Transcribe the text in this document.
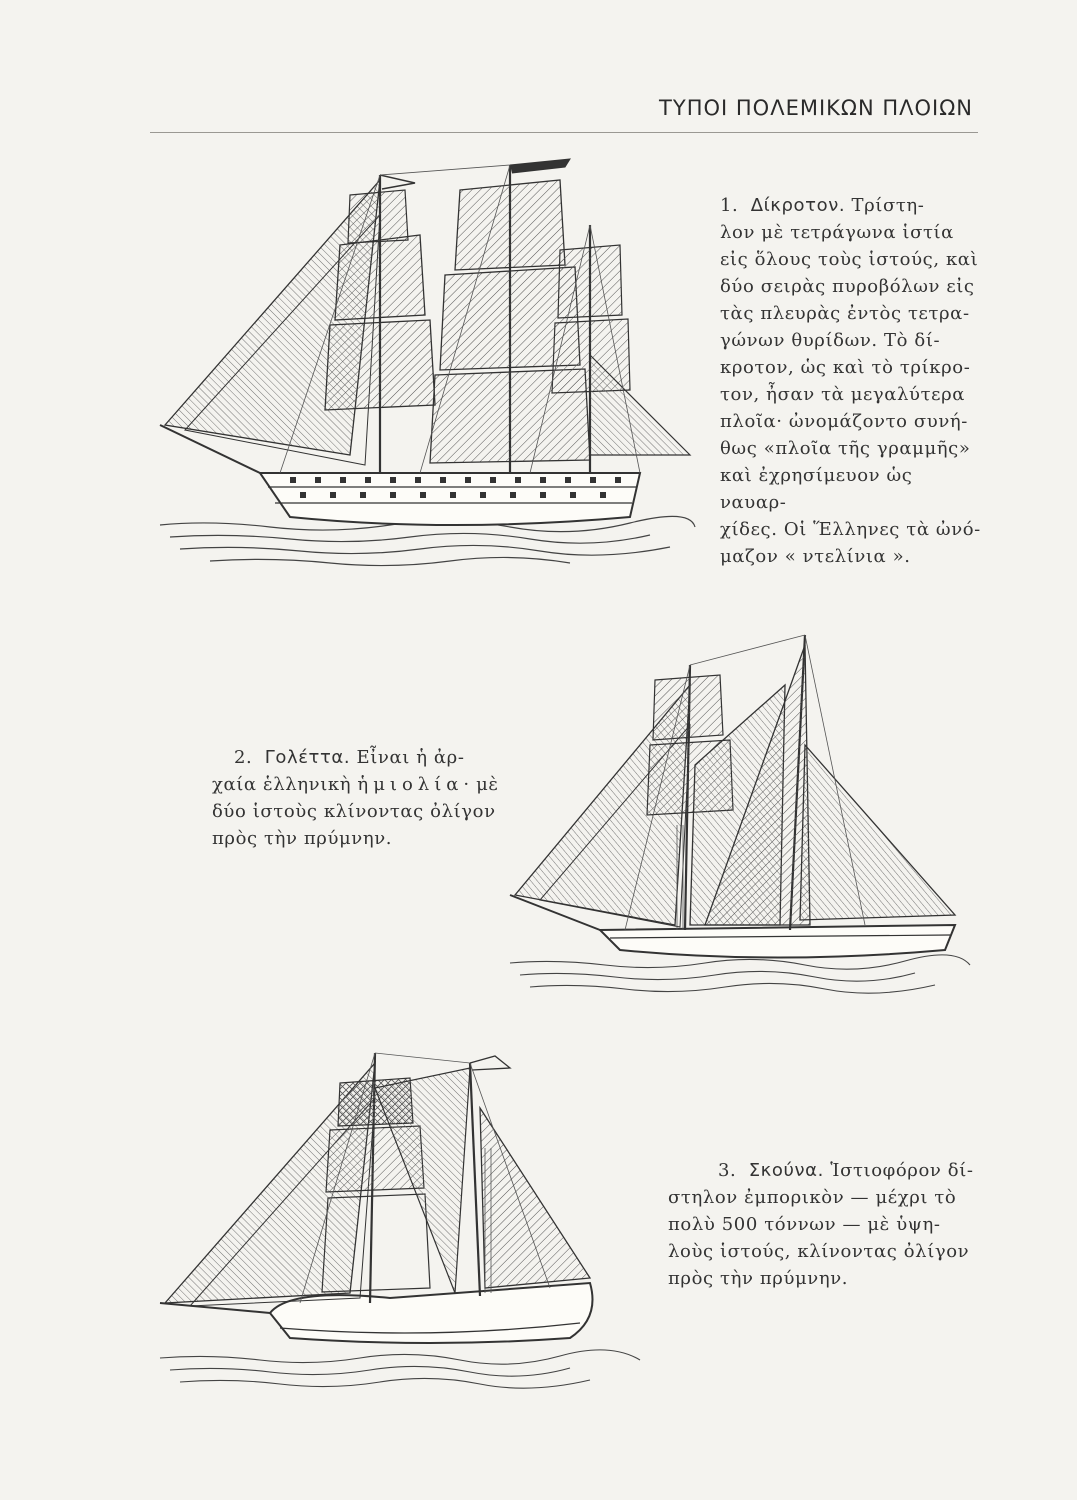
ΤΥΠΟΙ ΠΟΛΕΜΙΚΩΝ ΠΛΟΙΩΝ
1. Δίκροτον. Τρίστη-
λον μὲ τετράγωνα ἱστία
εἰς ὅλους τοὺς ἱστούς, καὶ
δύο σειρὰς πυροβόλων εἰς
τὰς πλευρὰς ἐντὸς τετρα-
γώνων θυρίδων. Τὸ δί-
κροτον, ὡς καὶ τὸ τρίκρο-
τον, ἦσαν τὰ μεγαλύτερα
πλοῖα· ὠνομάζοντο συνή-
θως «πλοῖα τῆς γραμμῆς»
καὶ ἐχρησίμευον ὡς ναυαρ-
χίδες. Οἱ Ἕλληνες τὰ ὠνό-
μαζον « ντελίνια ».
2. Γολέττα. Εἶναι ἡ ἀρ-
χαία ἑλληνικὴ ἡμιολία· μὲ
δύο ἱστοὺς κλίνοντας ὀλίγον
πρὸς τὴν πρύμνην.
3. Σκούνα. Ἱστιοφόρον δί-
στηλον ἐμπορικὸν — μέχρι τὸ
πολὺ 500 τόννων — μὲ ὑψη-
λοὺς ἱστούς, κλίνοντας ὀλίγον
πρὸς τὴν πρύμνην.
